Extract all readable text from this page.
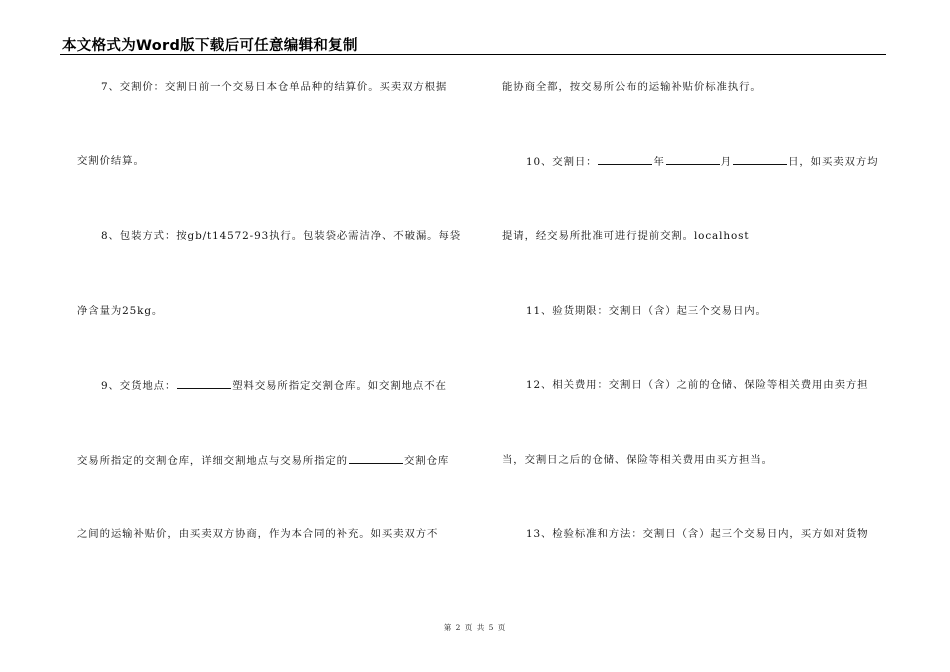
本文格式为Word版下载后可任意编辑和复制
7、交割价：交割日前一个交易日本仓单品种的结算价。买卖双方根据
交割价结算。
8、包装方式：按gb/t14572-93执行。包装袋必需洁净、不破漏。每袋
净含量为25kg。
9、交货地点：	塑料交易所指定交割仓库。如交割地点不在
交易所指定的交割仓库，详细交割地点与交易所指定的	交割仓库
之间的运输补贴价，由买卖双方协商，作为本合同的补充。如买卖双方不
能协商全都，按交易所公布的运输补贴价标准执行。
10、交割日：	年	月	日，如买卖双方均
提请，经交易所批准可进行提前交割。localhost
11、验货期限：交割日（含）起三个交易日内。
12、相关费用：交割日（含）之前的仓储、保险等相关费用由卖方担
当，交割日之后的仓储、保险等相关费用由买方担当。
13、检验标准和方法：交割日（含）起三个交易日内，买方如对货物
第 2 页 共 5 页
